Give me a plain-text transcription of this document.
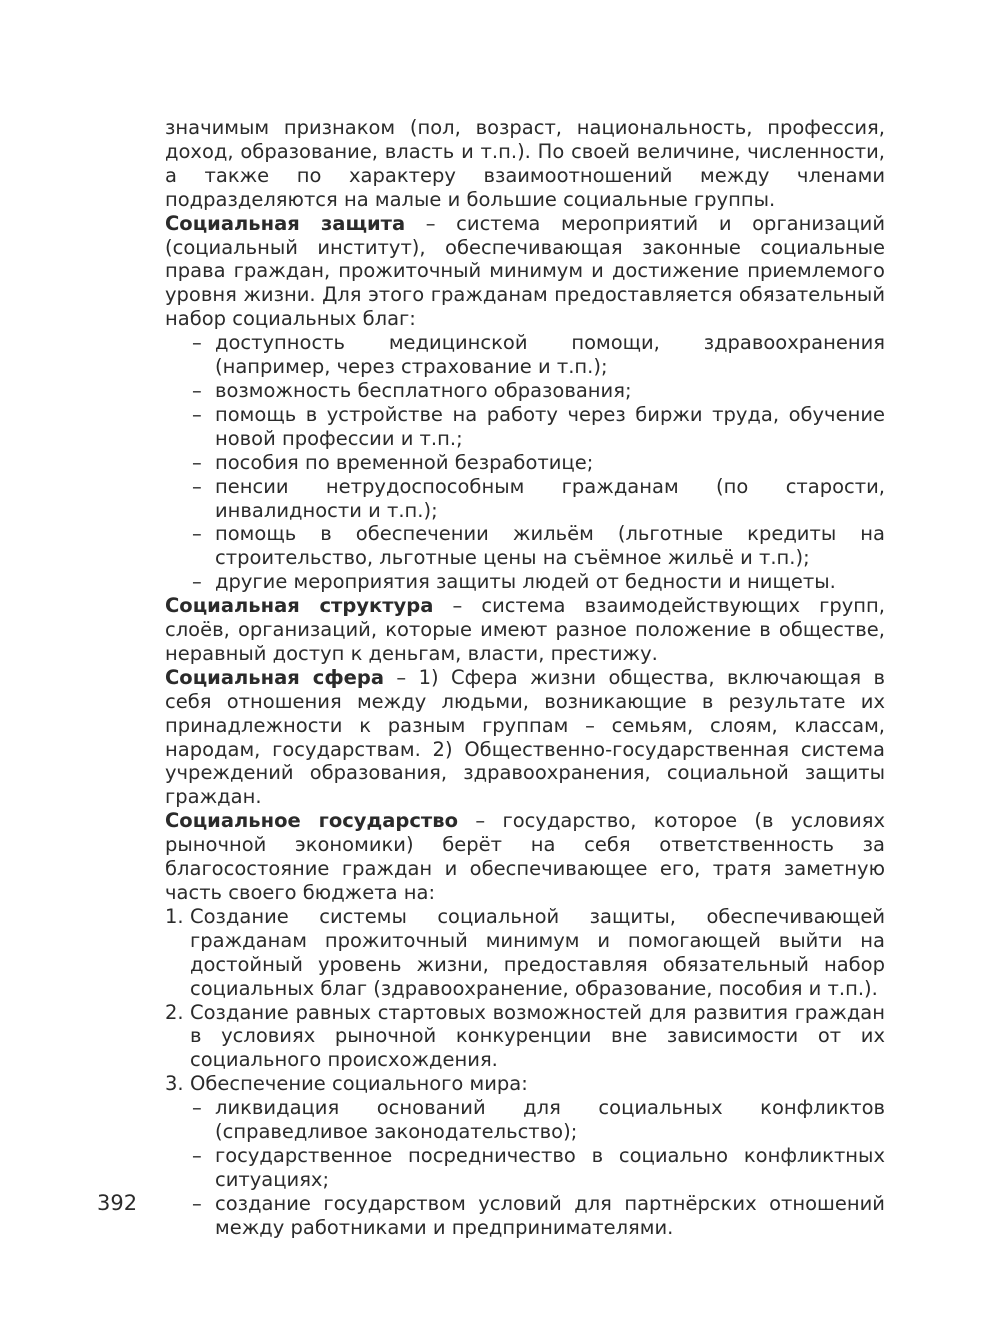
значимым признаком (пол, возраст, национальность, профессия, доход, образование, власть и т.п.). По своей величине, численности, а также по характеру взаимоотношений между членами подразделяются на малые и большие социальные группы.

Социальная защита – система мероприятий и организаций (социальный институт), обеспечивающая законные социальные права граждан, прожиточный минимум и достижение приемлемого уровня жизни. Для этого гражданам предоставляется обязательный набор социальных благ:

– доступность медицинской помощи, здравоохранения (например, через страхование и т.п.);

– возможность бесплатного образования;

– помощь в устройстве на работу через биржи труда, обучение новой профессии и т.п.;

– пособия по временной безработице;

– пенсии нетрудоспособным гражданам (по старости, инвалидности и т.п.);

– помощь в обеспечении жильём (льготные кредиты на строительство, льготные цены на съёмное жильё и т.п.);

– другие мероприятия защиты людей от бедности и нищеты.

Социальная структура – система взаимодействующих групп, слоёв, организаций, которые имеют разное положение в обществе, неравный доступ к деньгам, власти, престижу.

Социальная сфера – 1) Сфера жизни общества, включающая в себя отношения между людьми, возникающие в результате их принадлежности к разным группам – семьям, слоям, классам, народам, государствам. 2) Общественно-государственная система учреждений образования, здравоохранения, социальной защиты граждан.

Социальное государство – государство, которое (в условиях рыночной экономики) берёт на себя ответственность за благосостояние граждан и обеспечивающее его, тратя заметную часть своего бюджета на:

1. Создание системы социальной защиты, обеспечивающей гражданам прожиточный минимум и помогающей выйти на достойный уровень жизни, предоставляя обязательный набор социальных благ (здравоохранение, образование, пособия и т.п.).

2. Создание равных стартовых возможностей для развития граждан в условиях рыночной конкуренции вне зависимости от их социального происхождения.

3. Обеспечение социального мира:

– ликвидация оснований для социальных конфликтов (справедливое законодательство);

– государственное посредничество в социально конфликтных ситуациях;

– создание государством условий для партнёрских отношений между работниками и предпринимателями.

392
